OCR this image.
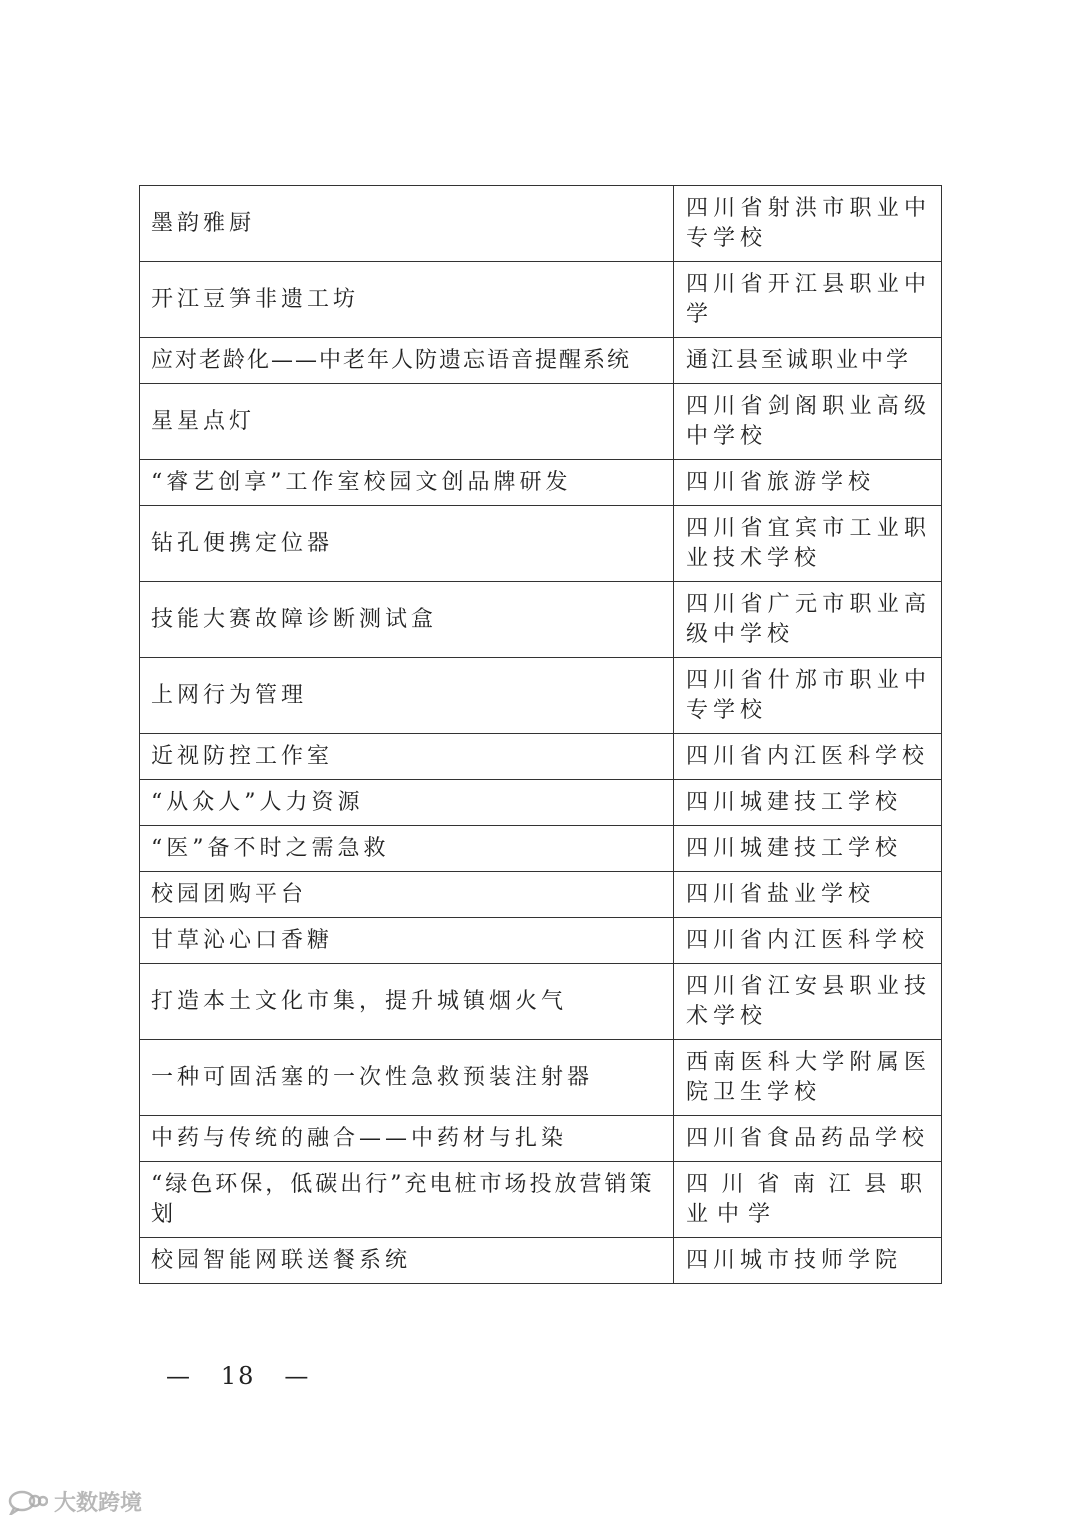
墨韵雅厨	四川省射洪市职业中专学校
开江豆笋非遗工坊	四川省开江县职业中学
应对老龄化——中老年人防遗忘语音提醒系统	通江县至诚职业中学
星星点灯	四川省剑阁职业高级中学校
“睿艺创享”工作室校园文创品牌研发	四川省旅游学校
钻孔便携定位器	四川省宜宾市工业职业技术学校
技能大赛故障诊断测试盒	四川省广元市职业高级中学校
上网行为管理	四川省什邡市职业中专学校
近视防控工作室	四川省内江医科学校
“从众人”人力资源	四川城建技工学校
“医”备不时之需急救	四川城建技工学校
校园团购平台	四川省盐业学校
甘草沁心口香糖	四川省内江医科学校
打造本土文化市集，提升城镇烟火气	四川省江安县职业技术学校
一种可固活塞的一次性急救预装注射器	西南医科大学附属医院卫生学校
中药与传统的融合——中药材与扎染	四川省食品药品学校
“绿色环保，低碳出行”充电桩市场投放营销策划	四川省南江县职业中学
校园智能网联送餐系统	四川城市技师学院
— 18 —
大数跨境
